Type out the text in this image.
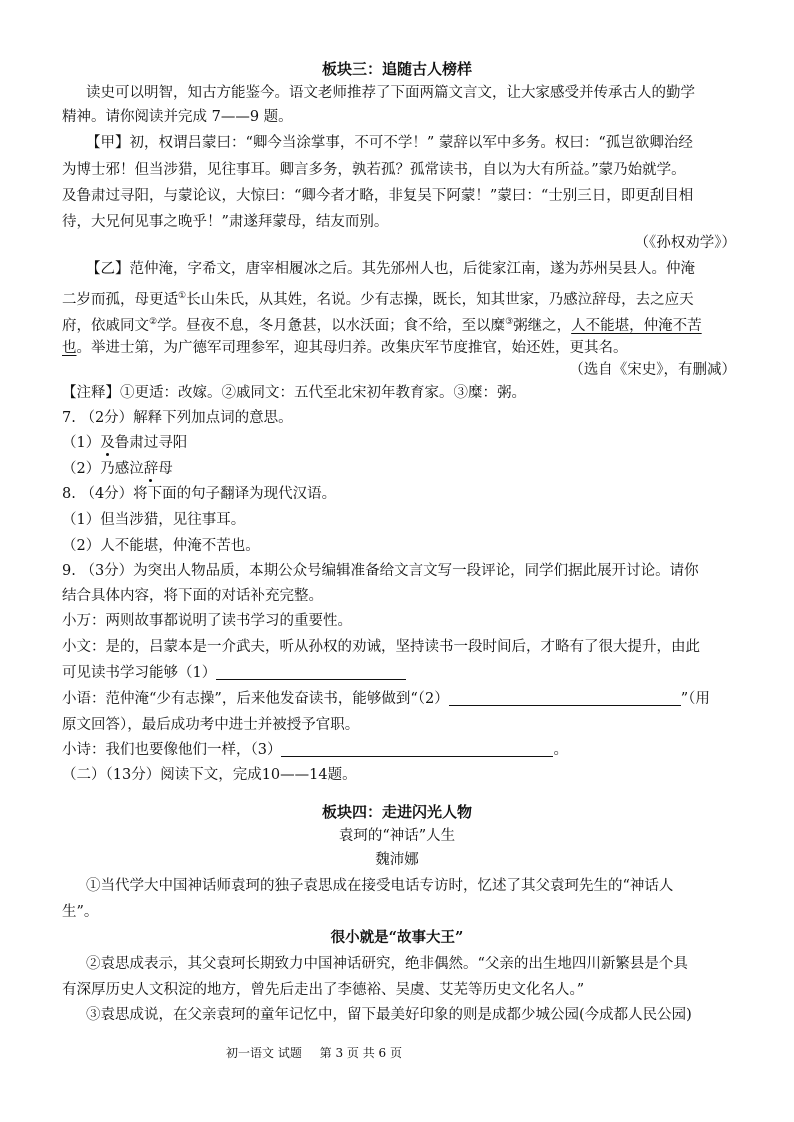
板块三：追随古人榜样
读史可以明智，知古方能鉴今。语文老师推荐了下面两篇文言文，让大家感受并传承古人的勤学
精神。请你阅读并完成 7——9 题。
【甲】初，权谓吕蒙曰：“卿今当涂掌事，不可不学！” 蒙辞以军中多务。权曰：“孤岂欲卿治经
为博士邪！但当涉猎，见往事耳。卿言多务，孰若孤？孤常读书，自以为大有所益。”蒙乃始就学。
及鲁肃过寻阳，与蒙论议，大惊曰：“卿今者才略，非复吴下阿蒙！”蒙曰：“士别三日，即更刮目相
待，大兄何见事之晚乎！”肃遂拜蒙母，结友而别。
（《孙权劝学》）
【乙】范仲淹，字希文，唐宰相履冰之后。其先邠州人也，后徙家江南，遂为苏州吴县人。仲淹
二岁而孤，母更适①长山朱氏，从其姓，名说。少有志操，既长，知其世家，乃感泣辞母，去之应天
府，依戚同文②学。昼夜不息，冬月惫甚，以水沃面；食不给，至以糜③粥继之，人不能堪，仲淹不苦
也。举进士第，为广德军司理参军，迎其母归养。改集庆军节度推官，始还姓，更其名。
（选自《宋史》，有删减）
【注释】①更适：改嫁。②戚同文：五代至北宋初年教育家。③糜：粥。
7. （2分）解释下列加点词的意思。
（1）及鲁肃过寻阳
（2）乃感泣辞母
8. （4分）将下面的句子翻译为现代汉语。
（1）但当涉猎，见往事耳。
（2）人不能堪，仲淹不苦也。
9. （3分）为突出人物品质，本期公众号编辑准备给文言文写一段评论，同学们据此展开讨论。请你
结合具体内容，将下面的对话补充完整。
小万：两则故事都说明了读书学习的重要性。
小文：是的，吕蒙本是一介武夫，听从孙权的劝诫，坚持读书一段时间后，才略有了很大提升，由此
可见读书学习能够（1）
小语：范仲淹“少有志操”，后来他发奋读书，能够做到“（2）	”（用
原文回答），最后成功考中进士并被授予官职。
小诗：我们也要像他们一样，（3）	。
（二）（13分）阅读下文，完成10——14题。
板块四：走进闪光人物
袁珂的“神话”人生
魏沛娜
①当代学大中国神话师袁珂的独子袁思成在接受电话专访时，忆述了其父袁珂先生的“神话人
生”。
很小就是“故事大王”
②袁思成表示，其父袁珂长期致力中国神话研究，绝非偶然。“父亲的出生地四川新繁县是个具
有深厚历史人文积淀的地方，曾先后走出了李德裕、吴虞、艾芜等历史文化名人。”
③袁思成说，在父亲袁珂的童年记忆中，留下最美好印象的则是成都少城公园(今成都人民公园)
初一语文 试题 第 3 页 共 6 页
